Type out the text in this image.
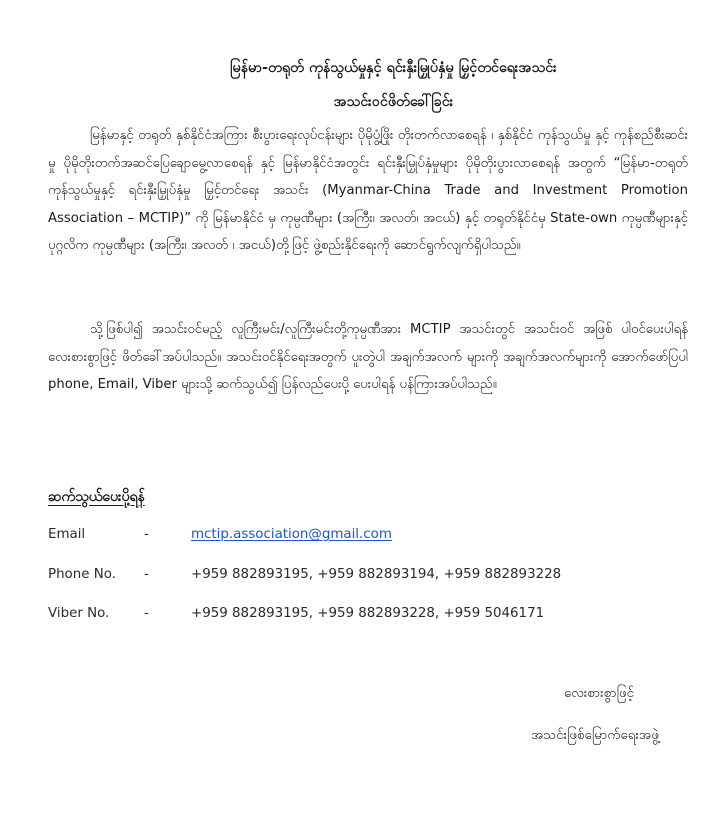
မြန်မာ-တရုတ် ကုန်သွယ်မှုနှင့် ရင်းနှီးမြှုပ်နှံမှု မြှင့်တင်ရေးအသင်း
အသင်းဝင်ဖိတ်ခေါ်ခြင်း
မြန်မာနှင့် တရုတ် နှစ်နိုင်ငံအကြား စီးပွားရေးလုပ်ငန်းများ ပိုမိုပွံ့ဖြိုး တိုးတက်လာစေရန် ၊ နှစ်နိုင်ငံ ကုန်သွယ်မှု နှင့် ကုန်စည်စီးဆင်းမှု ပိုမိုတိုးတက်အဆင်ပြေချောမွေ့လာစေရန် နှင့် မြန်မာနိုင်ငံအတွင်း ရင်းနှီးမြှုပ်နှံမှုများ ပိုမိုတိုးပွားလာစေရန် အတွက် “မြန်မာ-တရုတ် ကုန်သွယ်မှုနှင့် ရင်းနှီးမြှုပ်နှံမှု မြှင့်တင်ရေး အသင်း (Myanmar-China Trade and Investment Promotion Association – MCTIP)” ကို မြန်မာနိုင်ငံ မှ ကုမ္ပဏီများ (အကြီး၊ အလတ်၊ အငယ်) နှင့် တရုတ်နိုင်ငံမှ State-own ကုမ္ပဏီများနှင့် ပုဂ္ဂလိက ကုမ္ပဏီများ (အကြီး၊ အလတ် ၊ အငယ်)တို့ဖြင့် ဖွဲ့စည်းနိုင်ရေးကို ဆောင်ရွက်လျက်ရှိပါသည်။
သို့ဖြစ်ပါ၍ အသင်းဝင်မည့် လူကြီးမင်း/လူကြီးမင်းတို့ကုမ္ပဏီအား MCTIP အသင်းတွင် အသင်းဝင် အဖြစ် ပါဝင်ပေးပါရန် လေးစားစွာဖြင့် ဖိတ်ခေါ်အပ်ပါသည်။ အသင်းဝင်နိုင်ရေးအတွက် ပူးတွဲပါ အချက်အလက် များကို အချက်အလက်များကို အောက်ဖော်ပြပါ phone, Email, Viber များသို့ ဆက်သွယ်၍ ပြန်လည်ပေးပို့ ပေးပါရန် ပန်ကြားအပ်ပါသည်။
ဆက်သွယ်ပေးပို့ရန်
Email	-	mctip.association@gmail.com
Phone No. -	+959 882893195, +959 882893194, +959 882893228
Viber No.	-	+959 882893195, +959 882893228, +959 5046171
လေးစားစွာဖြင့်
အသင်းဖြစ်မြောက်ရေးအဖွဲ့
